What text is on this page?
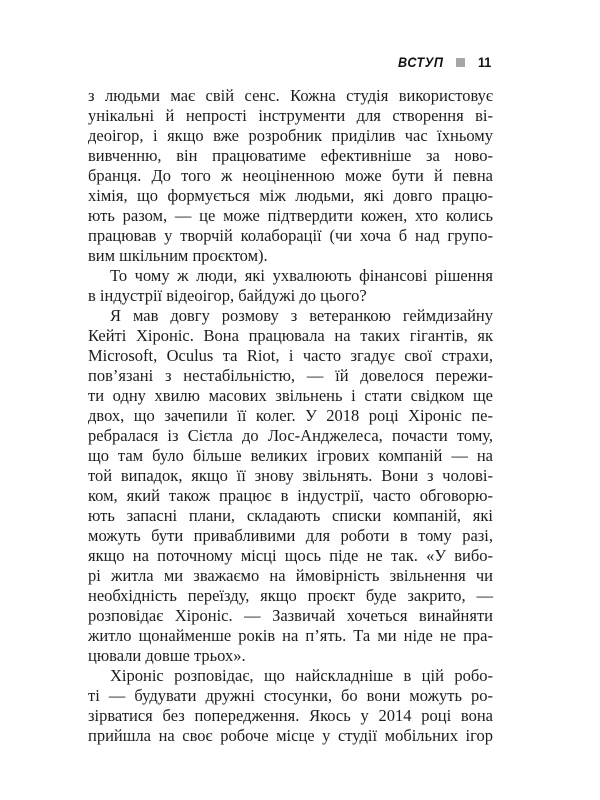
ВСТУП	11
з людьми має свій сенс. Кожна студія використовує
унікальні й непрості інструменти для створення ві-
деоігор, і якщо вже розробник приділив час їхньому
вивченню, він працюватиме ефективніше за ново-
бранця. До того ж неоціненною може бути й певна
хімія, що формується між людьми, які довго працю-
ють разом, — це може підтвердити кожен, хто колись
працював у творчій колаборації (чи хоча б над групо-
вим шкільним проєктом).
То чому ж люди, які ухвалюють фінансові рішення
в індустрії відеоігор, байдужі до цього?
Я мав довгу розмову з ветеранкою геймдизайну
Кейті Хіроніс. Вона працювала на таких гігантів, як
Microsoft, Oculus та Riot, і часто згадує свої страхи,
пов’язані з нестабільністю, — їй довелося пережи-
ти одну хвилю масових звільнень і стати свідком ще
двох, що зачепили її колег. У 2018 році Хіроніс пе-
ребралася із Сієтла до Лос-Анджелеса, почасти тому,
що там було більше великих ігрових компаній — на
той випадок, якщо її знову звільнять. Вони з чолові-
ком, який також працює в індустрії, часто обговорю-
ють запасні плани, складають списки компаній, які
можуть бути привабливими для роботи в тому разі,
якщо на поточному місці щось піде не так. «У вибо-
рі житла ми зважаємо на ймовірність звільнення чи
необхідність переїзду, якщо проєкт буде закрито, —
розповідає Хіроніс. — Зазвичай хочеться винайняти
житло щонайменше років на п’ять. Та ми ніде не пра-
цювали довше трьох».
Хіроніс розповідає, що найскладніше в цій робо-
ті — будувати дружні стосунки, бо вони можуть ро-
зірватися без попередження. Якось у 2014 році вона
прийшла на своє робоче місце у студії мобільних ігор
